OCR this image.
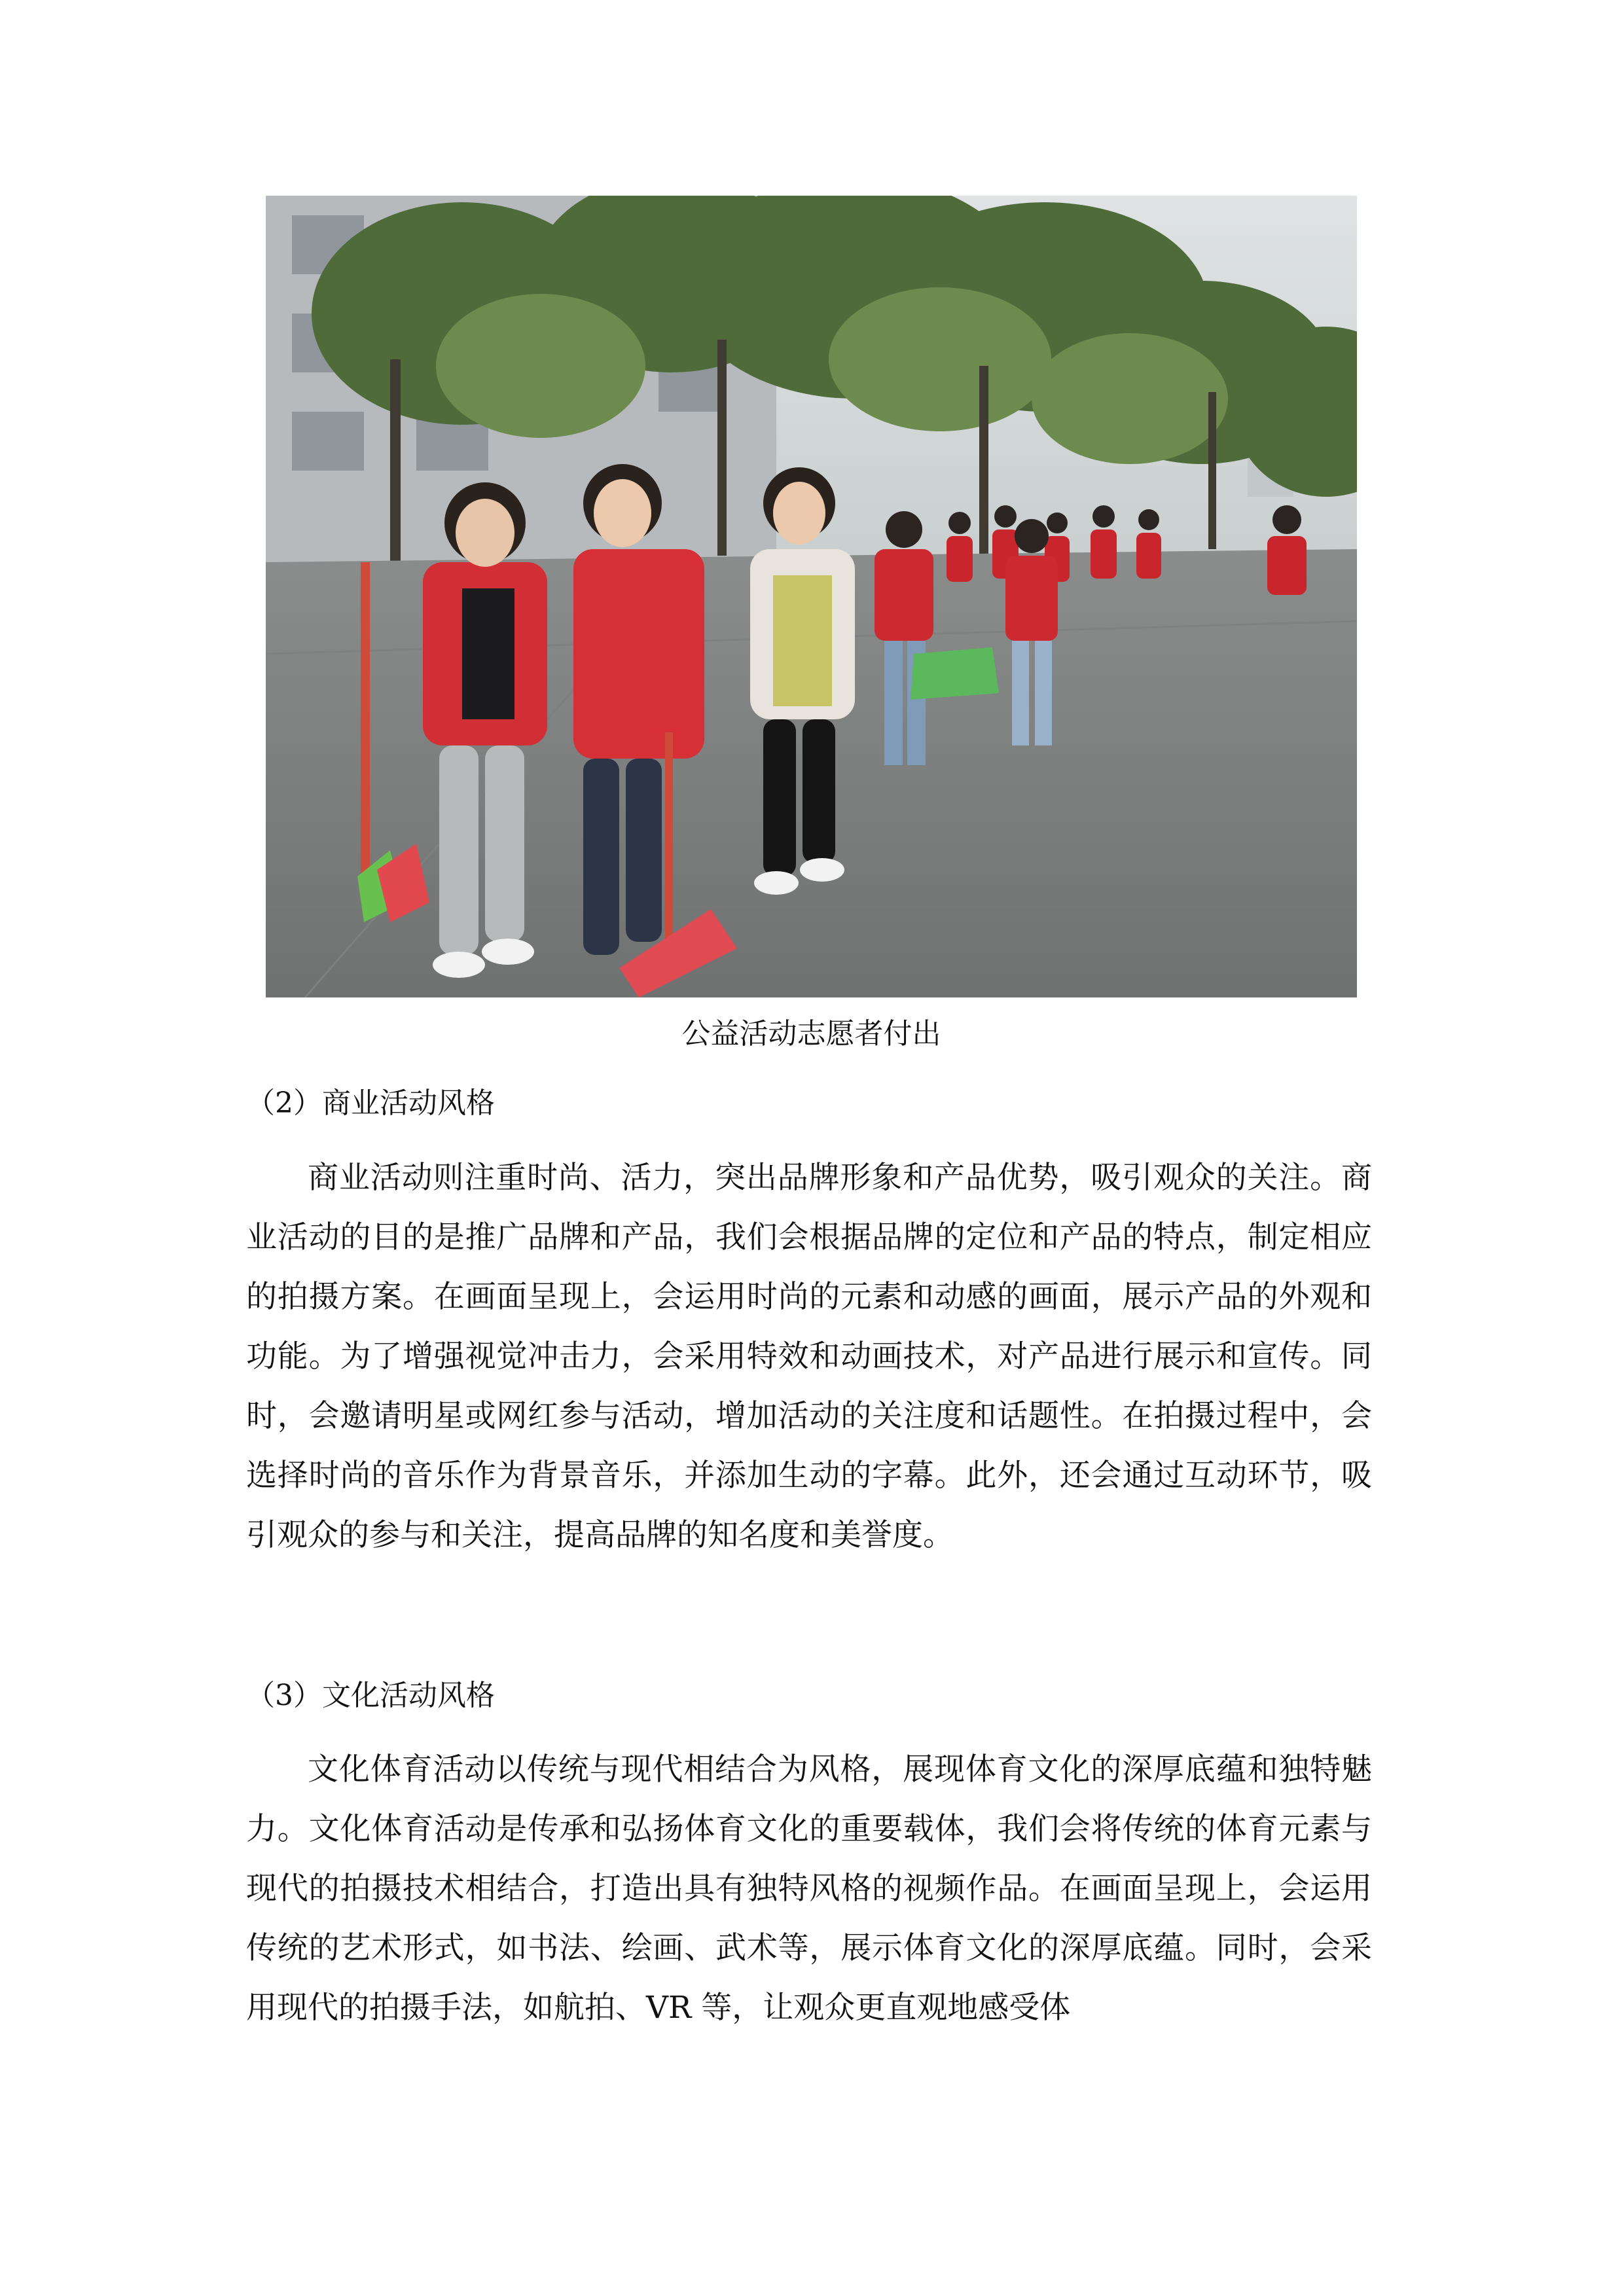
公益活动志愿者付出
（2）商业活动风格

商业活动则注重时尚、活力，突出品牌形象和产品优势，吸引观众的关注。商业活动的目的是推广品牌和产品，我们会根据品牌的定位和产品的特点，制定相应的拍摄方案。在画面呈现上，会运用时尚的元素和动感的画面，展示产品的外观和功能。为了增强视觉冲击力，会采用特效和动画技术，对产品进行展示和宣传。同时，会邀请明星或网红参与活动，增加活动的关注度和话题性。在拍摄过程中，会选择时尚的音乐作为背景音乐，并添加生动的字幕。此外，还会通过互动环节，吸引观众的参与和关注，提高品牌的知名度和美誉度。

（3）文化活动风格

文化体育活动以传统与现代相结合为风格，展现体育文化的深厚底蕴和独特魅力。文化体育活动是传承和弘扬体育文化的重要载体，我们会将传统的体育元素与现代的拍摄技术相结合，打造出具有独特风格的视频作品。在画面呈现上，会运用传统的艺术形式，如书法、绘画、武术等，展示体育文化的深厚底蕴。同时，会采用现代的拍摄手法，如航拍、VR 等，让观众更直观地感受体
